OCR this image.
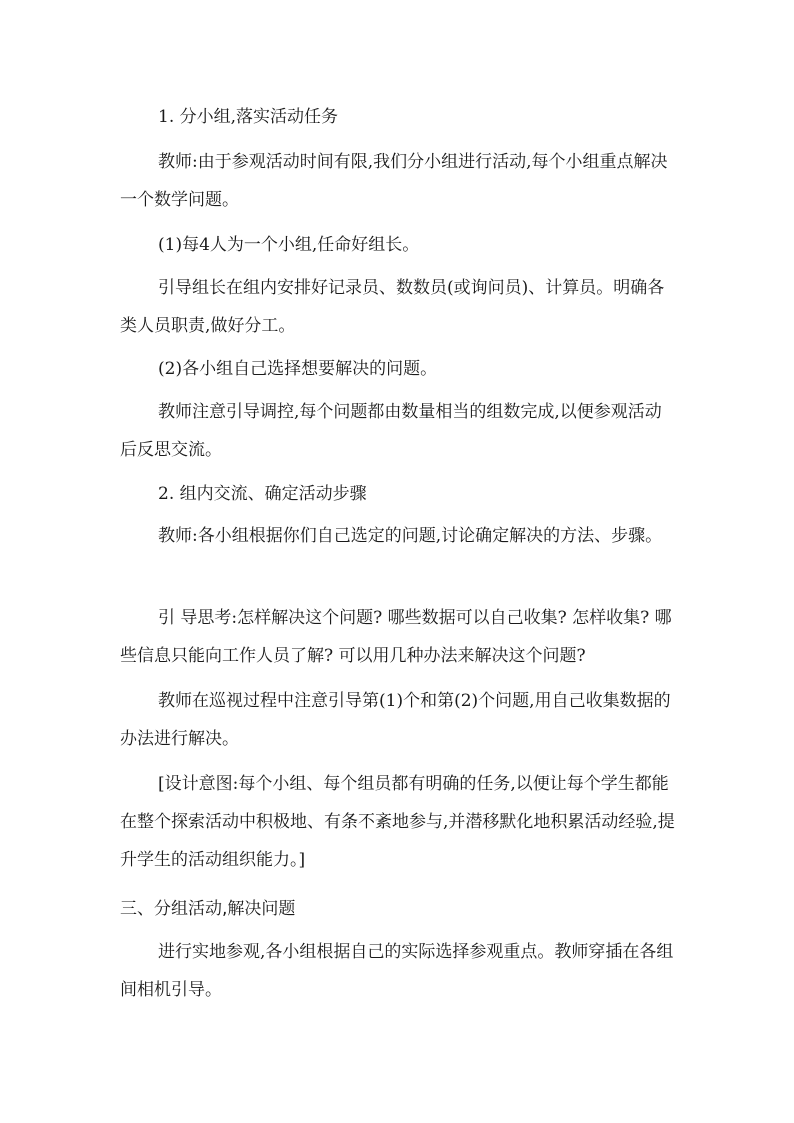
1. 分小组,落实活动任务

教师:由于参观活动时间有限,我们分小组进行活动,每个小组重点解决一个数学问题。

(1)每4人为一个小组,任命好组长。

引导组长在组内安排好记录员、数数员(或询问员)、计算员。明确各类人员职责,做好分工。

(2)各小组自己选择想要解决的问题。

教师注意引导调控,每个问题都由数量相当的组数完成,以便参观活动后反思交流。

2. 组内交流、确定活动步骤

教师:各小组根据你们自己选定的问题,讨论确定解决的方法、步骤。

引 导思考:怎样解决这个问题? 哪些数据可以自己收集? 怎样收集? 哪些信息只能向工作人员了解? 可以用几种办法来解决这个问题?

教师在巡视过程中注意引导第(1)个和第(2)个问题,用自己收集数据的办法进行解决。

[设计意图:每个小组、每个组员都有明确的任务,以便让每个学生都能在整个探索活动中积极地、有条不紊地参与,并潜移默化地积累活动经验,提升学生的活动组织能力。]

三、分组活动,解决问题

进行实地参观,各小组根据自己的实际选择参观重点。教师穿插在各组间相机引导。
